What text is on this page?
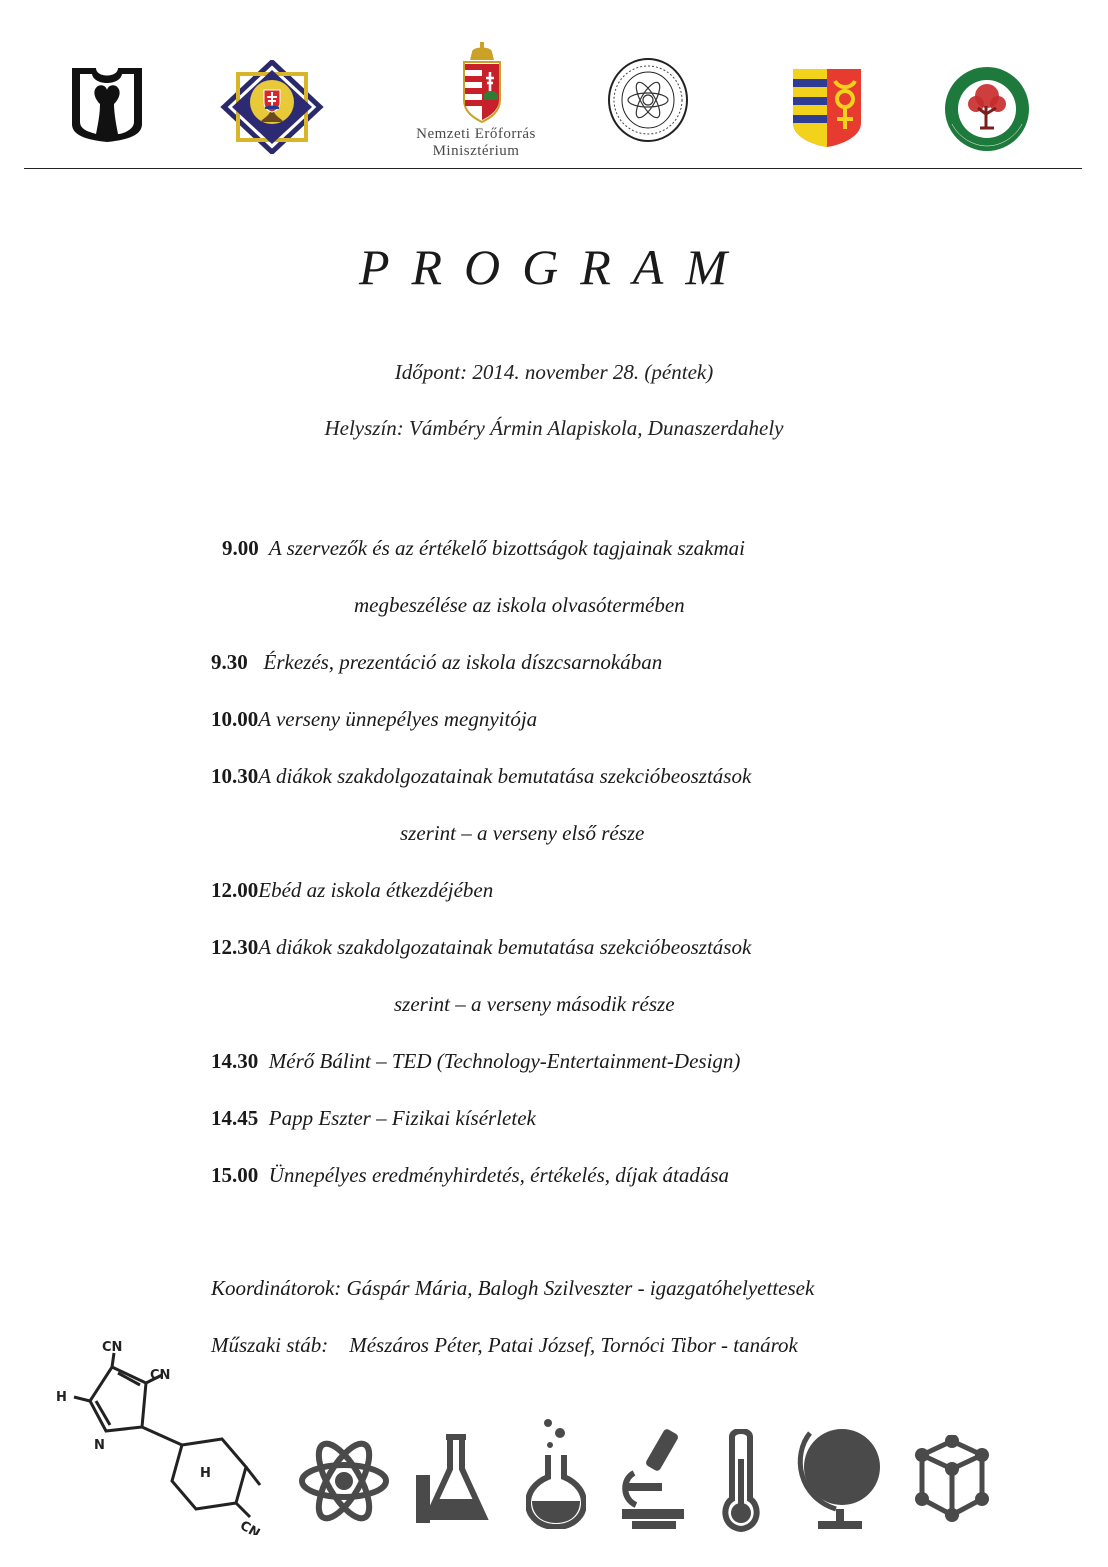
✲
Nemzeti Erőforrás
Minisztérium
PROGRAM
Időpont: 2014. november 28. (péntek)
Helyszín: Vámbéry Ármin Alapiskola, Dunaszerdahely
9.00 A szervezők és az értékelő bizottságok tagjainak szakmai
megbeszélése az iskola olvasótermében
9.30 Érkezés, prezentáció az iskola díszcsarnokában
10.00A verseny ünnepélyes megnyitója
10.30A diákok szakdolgozatainak bemutatása szekcióbeosztások
szerint – a verseny első része
12.00Ebéd az iskola étkezdéjében
12.30A diákok szakdolgozatainak bemutatása szekcióbeosztások
szerint – a verseny második része
14.30 Mérő Bálint – TED (Technology-Entertainment-Design)
14.45 Papp Eszter – Fizikai kísérletek
15.00 Ünnepélyes eredményhirdetés, értékelés, díjak átadása
Koordinátorok: Gáspár Mária, Balogh Szilveszter - igazgatóhelyettesek
Műszaki stáb:    Mészáros Péter, Patai József, Tornóci Tibor - tanárok
CN
CN
H
N
H
CN
